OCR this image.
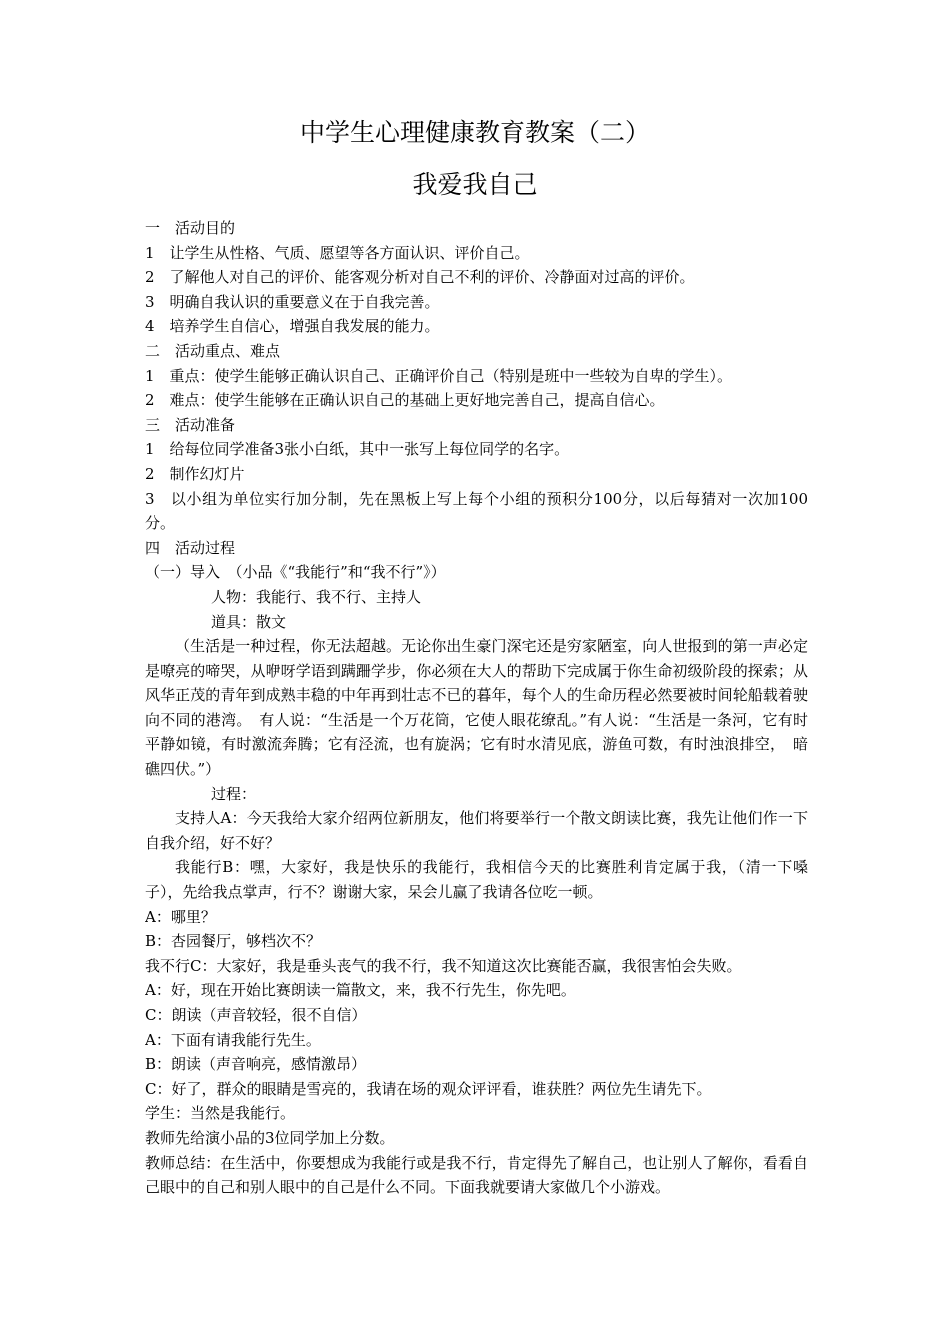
中学生心理健康教育教案（二）
我爱我自己

一　活动目的

1　让学生从性格、气质、愿望等各方面认识、评价自己。

2　了解他人对自己的评价、能客观分析对自己不利的评价、冷静面对过高的评价。

3　明确自我认识的重要意义在于自我完善。

4　培养学生自信心，增强自我发展的能力。

二　活动重点、难点

1　重点：使学生能够正确认识自己、正确评价自己（特别是班中一些较为自卑的学生）。

2　难点：使学生能够在正确认识自己的基础上更好地完善自己，提高自信心。

三　活动准备

1　给每位同学准备3张小白纸，其中一张写上每位同学的名字。

2　制作幻灯片

3　以小组为单位实行加分制，先在黑板上写上每个小组的预积分100分，以后每猜对一次加100分。

四　活动过程

（一）导入　（小品《“我能行”和“我不行”》）

人物：我能行、我不行、主持人

道具：散文

（生活是一种过程，你无法超越。无论你出生豪门深宅还是穷家陋室，向人世报到的第一声必定是嘹亮的啼哭，从咿呀学语到蹒跚学步，你必须在大人的帮助下完成属于你生命初级阶段的探索；从风华正茂的青年到成熟丰稳的中年再到壮志不已的暮年，每个人的生命历程必然要被时间轮船载着驶向不同的港湾。　有人说：“生活是一个万花筒，它使人眼花缭乱。”有人说：“生活是一条河，它有时平静如镜，有时激流奔腾；它有泾流，也有旋涡；它有时水清见底，游鱼可数，有时浊浪排空，　暗礁四伏。”）

过程：

支持人A：今天我给大家介绍两位新朋友，他们将要举行一个散文朗读比赛，我先让他们作一下自我介绍，好不好？

我能行B：嘿，大家好，我是快乐的我能行，我相信今天的比赛胜利肯定属于我，（清一下嗓子），先给我点掌声，行不？谢谢大家，呆会儿赢了我请各位吃一顿。

A：哪里？

B：杏园餐厅，够档次不？

我不行C：大家好，我是垂头丧气的我不行，我不知道这次比赛能否赢，我很害怕会失败。

A：好，现在开始比赛朗读一篇散文，来，我不行先生，你先吧。

C：朗读（声音较轻，很不自信）

A：下面有请我能行先生。

B：朗读（声音响亮，感情激昂）

C：好了，群众的眼睛是雪亮的，我请在场的观众评评看，谁获胜？两位先生请先下。

学生：当然是我能行。

教师先给演小品的3位同学加上分数。

教师总结：在生活中，你要想成为我能行或是我不行，肯定得先了解自己，也让别人了解你，看看自己眼中的自己和别人眼中的自己是什么不同。下面我就要请大家做几个小游戏。
